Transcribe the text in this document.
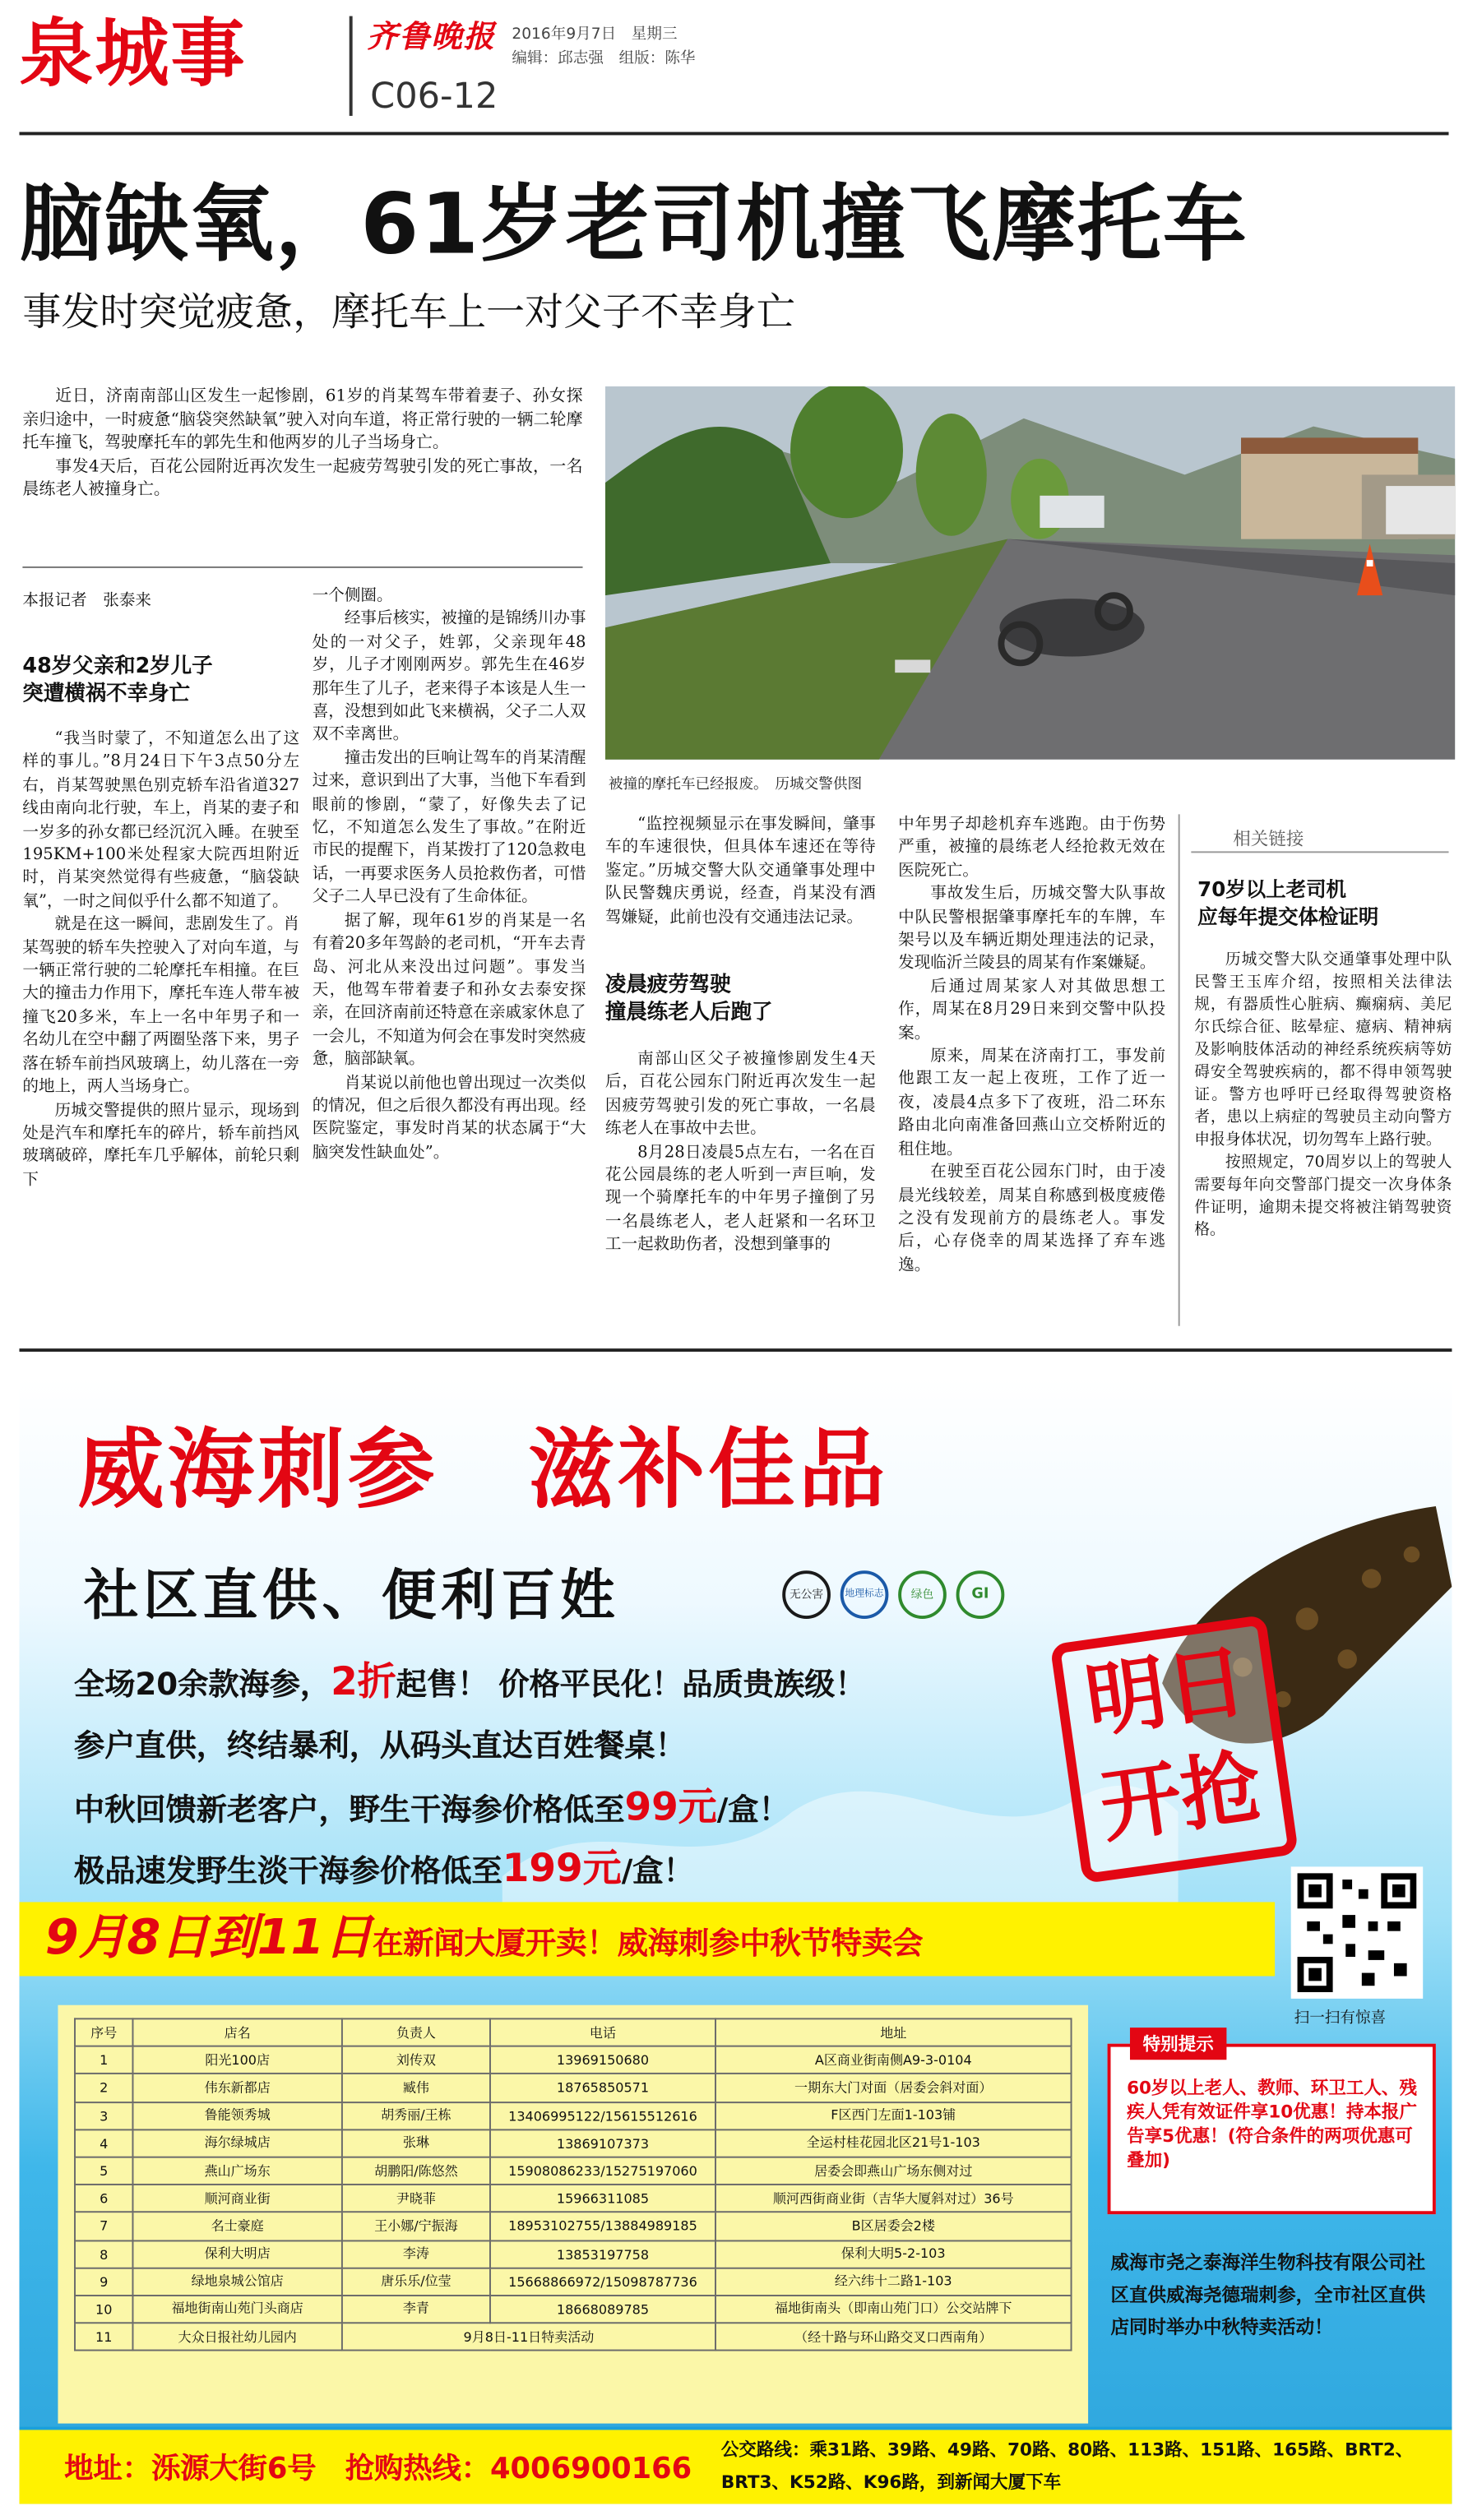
泉城事	齐鲁晚报 2016年9月7日　星期三
编辑：邱志强　组版：陈华
C06-12
脑缺氧，61岁老司机撞飞摩托车
事发时突觉疲惫，摩托车上一对父子不幸身亡

近日，济南南部山区发生一起惨剧，61岁的肖某驾车带着妻子、孙女探亲归途中，一时疲惫“脑袋突然缺氧”驶入对向车道，将正常行驶的一辆二轮摩托车撞飞，驾驶摩托车的郭先生和他两岁的儿子当场身亡。

事发4天后，百花公园附近再次发生一起疲劳驾驶引发的死亡事故，一名晨练老人被撞身亡。

被撞的摩托车已经报废。　历城交警供图
本报记者　张泰来
48岁父亲和2岁儿子
突遭横祸不幸身亡

“我当时蒙了，不知道怎么出了这样的事儿。”8月24日下午3点50分左右，肖某驾驶黑色别克轿车沿省道327线由南向北行驶，车上，肖某的妻子和一岁多的孙女都已经沉沉入睡。在驶至195KM+100米处程家大院西坦附近时，肖某突然觉得有些疲惫，“脑袋缺氧”，一时之间似乎什么都不知道了。

就是在这一瞬间，悲剧发生了。肖某驾驶的轿车失控驶入了对向车道，与一辆正常行驶的二轮摩托车相撞。在巨大的撞击力作用下，摩托车连人带车被撞飞20多米，车上一名中年男子和一名幼儿在空中翻了两圈坠落下来，男子落在轿车前挡风玻璃上，幼儿落在一旁的地上，两人当场身亡。

历城交警提供的照片显示，现场到处是汽车和摩托车的碎片，轿车前挡风玻璃破碎，摩托车几乎解体，前轮只剩下

一个侧圈。

经事后核实，被撞的是锦绣川办事处的一对父子，姓郭，父亲现年48岁，儿子才刚刚两岁。郭先生在46岁那年生了儿子，老来得子本该是人生一喜，没想到如此飞来横祸，父子二人双双不幸离世。

撞击发出的巨响让驾车的肖某清醒过来，意识到出了大事，当他下车看到眼前的惨剧，“蒙了，好像失去了记忆，不知道怎么发生了事故。”在附近市民的提醒下，肖某拨打了120急救电话，一再要求医务人员抢救伤者，可惜父子二人早已没有了生命体征。

据了解，现年61岁的肖某是一名有着20多年驾龄的老司机，“开车去青岛、河北从来没出过问题”。事发当天，他驾车带着妻子和孙女去泰安探亲，在回济南前还特意在亲戚家休息了一会儿，不知道为何会在事发时突然疲惫，脑部缺氧。

肖某说以前他也曾出现过一次类似的情况，但之后很久都没有再出现。经医院鉴定，事发时肖某的状态属于“大脑突发性缺血处”。

“监控视频显示在事发瞬间，肇事车的车速很快，但具体车速还在等待鉴定。”历城交警大队交通肇事处理中队民警魏庆勇说，经查，肖某没有酒驾嫌疑，此前也没有交通违法记录。

凌晨疲劳驾驶
撞晨练老人后跑了

南部山区父子被撞惨剧发生4天后，百花公园东门附近再次发生一起因疲劳驾驶引发的死亡事故，一名晨练老人在事故中去世。

8月28日凌晨5点左右，一名在百花公园晨练的老人听到一声巨响，发现一个骑摩托车的中年男子撞倒了另一名晨练老人，老人赶紧和一名环卫工一起救助伤者，没想到肇事的

中年男子却趁机弃车逃跑。由于伤势严重，被撞的晨练老人经抢救无效在医院死亡。

事故发生后，历城交警大队事故中队民警根据肇事摩托车的车牌，车架号以及车辆近期处理违法的记录，发现临沂兰陵县的周某有作案嫌疑。

后通过周某家人对其做思想工作，周某在8月29日来到交警中队投案。

原来，周某在济南打工，事发前他跟工友一起上夜班，工作了近一夜，凌晨4点多下了夜班，沿二环东路由北向南准备回燕山立交桥附近的租住地。

在驶至百花公园东门时，由于凌晨光线较差，周某自称感到极度疲倦之没有发现前方的晨练老人。事发后，心存侥幸的周某选择了弃车逃逸。

相关链接
70岁以上老司机
应每年提交体检证明

历城交警大队交通肇事处理中队民警王玉库介绍，按照相关法律法规，有器质性心脏病、癫痫病、美尼尔氏综合征、眩晕症、癔病、精神病及影响肢体活动的神经系统疾病等妨碍安全驾驶疾病的，都不得申领驾驶证。警方也呼吁已经取得驾驶资格者，患以上病症的驾驶员主动向警方申报身体状况，切勿驾车上路行驶。

按照规定，70周岁以上的驾驶人需要每年向交警部门提交一次身体条件证明，逾期未提交将被注销驾驶资格。

威海刺参　滋补佳品
社区直供、便利百姓	无公害	地理标志	绿色	GI
明日
开抢
全场20余款海参，2折起售！ 价格平民化！品质贵族级！
参户直供，终结暴利，从码头直达百姓餐桌！
中秋回馈新老客户，野生干海参价格低至99元/盒！
极品速发野生淡干海参价格低至199元/盒！
9月8日到11日在新闻大厦开卖！威海刺参中秋节特卖会
扫一扫有惊喜
序号	店名	负责人	电话	地址
1	阳光100店	刘传双	13969150680	A区商业街南侧A9-3-0104
2	伟东新都店	臧伟	18765850571	一期东大门对面（居委会斜对面）
3	鲁能领秀城	胡秀丽/王栋	13406995122/15615512616	F区西门左面1-103铺
4	海尔绿城店	张琳	13869107373	全运村桂花园北区21号1-103
5	燕山广场东	胡鹏阳/陈悠然	15908086233/15275197060	居委会即燕山广场东侧对过
6	顺河商业街	尹晓菲	15966311085	顺河西街商业街（吉华大厦斜对过）36号
7	名士豪庭	王小娜/宁振海	18953102755/13884989185	B区居委会2楼
8	保利大明店	李涛	13853197758	保利大明5-2-103
9	绿地泉城公馆店	唐乐乐/位莹	15668866972/15098787736	经六纬十二路1-103
10	福地街南山苑门头商店	李青	18668089785	福地街南头（即南山苑门口）公交站牌下
11	大众日报社幼儿园内	9月8日-11日特卖活动		（经十路与环山路交叉口西南角）
60岁以上老人、教师、环卫工人、残疾人凭有效证件享10优惠！持本报广告享5优惠！(符合条件的两项优惠可叠加)
特别提示
威海市尧之泰海洋生物科技有限公司社区直供威海尧德瑞刺参，全市社区直供店同时举办中秋特卖活动！
地址：泺源大街6号　抢购热线：4006900166
公交路线：乘31路、39路、49路、70路、80路、113路、151路、165路、BRT2、BRT3、K52路、K96路，到新闻大厦下车
